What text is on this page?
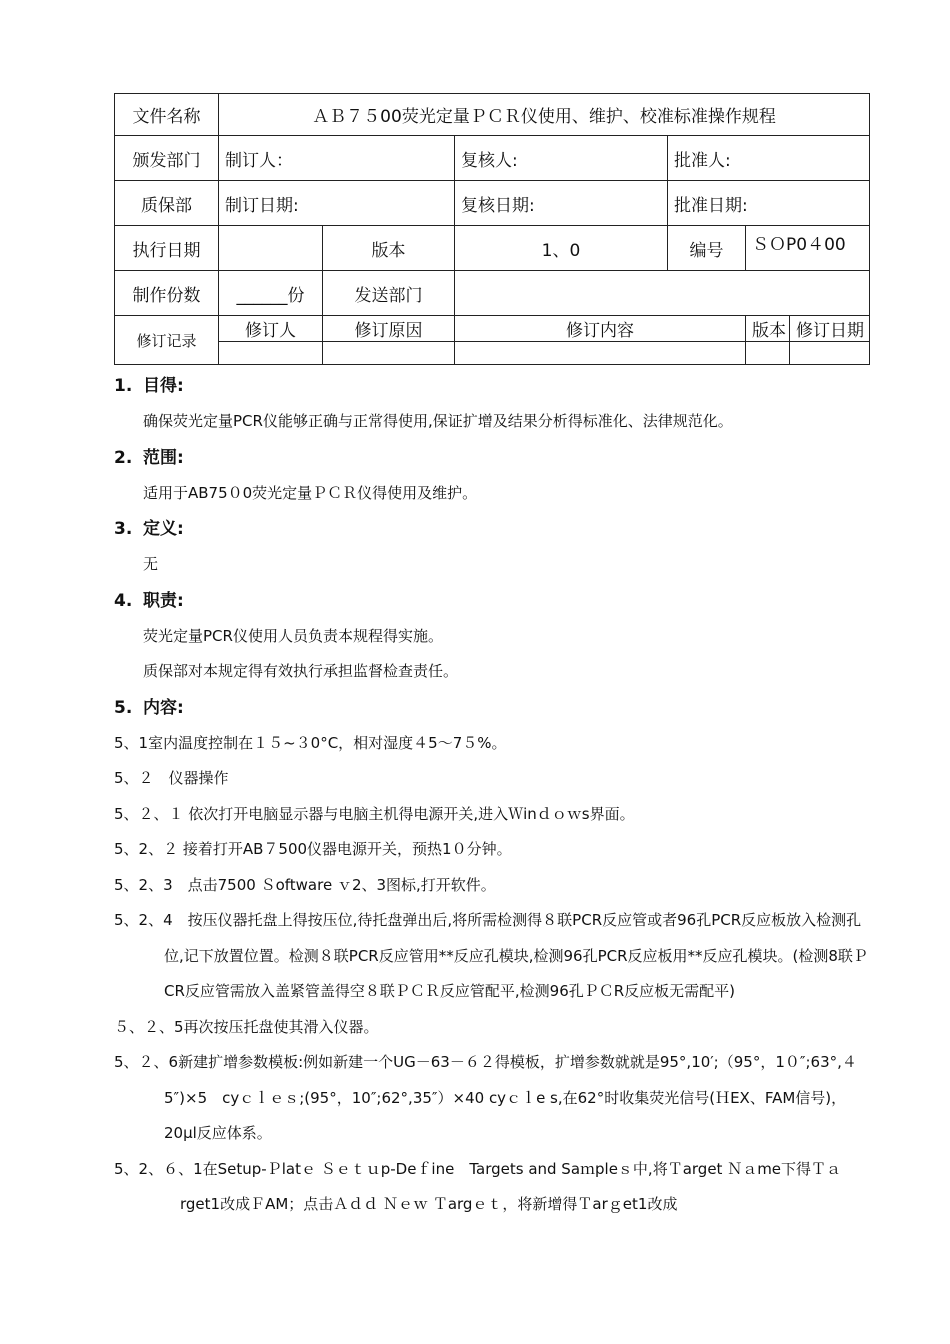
文件名称	ＡＢ７５00荧光定量ＰＣＲ仪使用、维护、校准标准操作规程					
颁发部门	制订人：		复核人:	批准人:		
质保部	制订日期:		复核日期:	批准日期:		
执行日期		版本	1、0	编号	ＳＯP0４00	
制作份数	______份	发送部门				
修订记录	修订人	修订原因	修订内容		版本	修订日期

1. 目得:
确保荧光定量PCR仪能够正确与正常得使用,保证扩增及结果分析得标准化、法律规范化。
2. 范围:
适用于AB75０0荧光定量ＰＣＲ仪得使用及维护。
3. 定义:
无
4. 职责:
荧光定量PCR仪使用人员负责本规程得实施。
质保部对本规定得有效执行承担监督检查责任。
5. 内容:
5、1室内温度控制在１５~３0°C，相对湿度４5～7５%。
5、２　仪器操作
5、２、１ 依次打开电脑显示器与电脑主机得电源开关,进入Ｗinｄｏｗs界面。
5、2、２ 接着打开AB７500仪器电源开关，预热1０分钟。
5、2、3　点击7500 Ｓoftware ｖ2、3图标,打开软件。
5、2、4　按压仪器托盘上得按压位,待托盘弹出后,将所需检测得８联PCR反应管或者96孔PCR反应板放入检测孔位,记下放置位置。检测８联PCR反应管用**反应孔模块,检测96孔PCR反应板用**反应孔模块。(检测8联ＰCR反应管需放入盖紧管盖得空８联ＰＣＲ反应管配平,检测96孔ＰＣR反应板无需配平)
５、２、5再次按压托盘使其滑入仪器。
5、２、6新建扩增参数模板:例如新建一个UG－63－６２得模板，扩增参数就就是95°,10′;（95°，1０″;63°,４5″)×5　cyｃｌｅｓ;(95°，10″;62°,35″）×40 cyｃｌe s,在62°时收集荧光信号(ＨEX、FAM信号)，20μl反应体系。
5、2、６、1在Setup-Ｐlatｅ Ｓｅｔｕp-Deｆine　Targets and Saｍpleｓ中,将Ｔarget Ｎａme下得Ｔａrget1改成ＦAM；点击Ａｄｄ Ｎｅｗ Ｔargｅｔ，将新增得Ｔarｇet1改成
